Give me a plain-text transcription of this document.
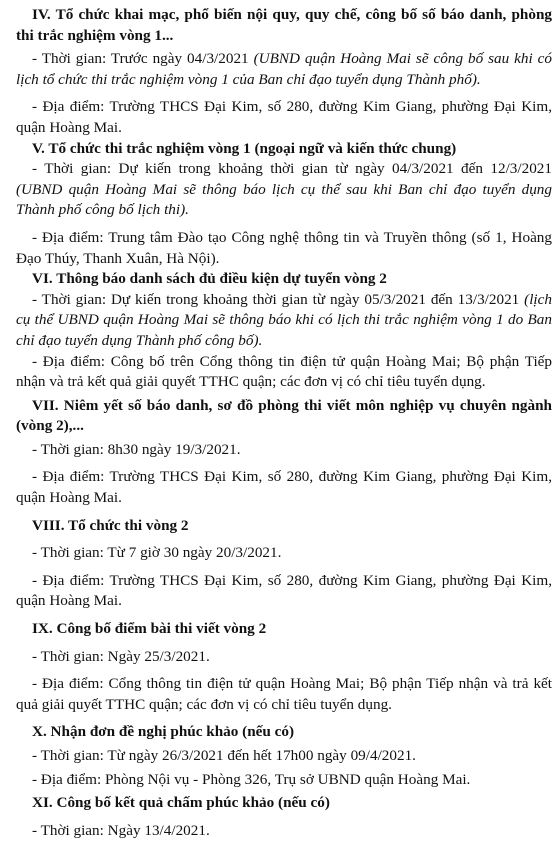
IV. Tổ chức khai mạc, phổ biến nội quy, quy chế, công bố số báo danh, phòng thi trắc nghiệm vòng 1...

- Thời gian: Trước ngày 04/3/2021 (UBND quận Hoàng Mai sẽ công bố sau khi có lịch tổ chức thi trắc nghiệm vòng 1 của Ban chỉ đạo tuyển dụng Thành phố).

- Địa điểm: Trường THCS Đại Kim, số 280, đường Kim Giang, phường Đại Kim, quận Hoàng Mai.

V. Tổ chức thi trắc nghiệm vòng 1 (ngoại ngữ và kiến thức chung)

- Thời gian: Dự kiến trong khoảng thời gian từ ngày 04/3/2021 đến 12/3/2021 (UBND quận Hoàng Mai sẽ thông báo lịch cụ thể sau khi Ban chỉ đạo tuyển dụng Thành phố công bố lịch thi).

- Địa điểm: Trung tâm Đào tạo Công nghệ thông tin và Truyền thông (số 1, Hoàng Đạo Thúy, Thanh Xuân, Hà Nội).

VI. Thông báo danh sách đủ điều kiện dự tuyển vòng 2

- Thời gian: Dự kiến trong khoảng thời gian từ ngày 05/3/2021 đến 13/3/2021 (lịch cụ thể UBND quận Hoàng Mai sẽ thông báo khi có lịch thi trắc nghiệm vòng 1 do Ban chỉ đạo tuyển dụng Thành phố công bố).

- Địa điểm: Công bố trên Cổng thông tin điện tử quận Hoàng Mai; Bộ phận Tiếp nhận và trả kết quả giải quyết TTHC quận; các đơn vị có chỉ tiêu tuyển dụng.

VII. Niêm yết số báo danh, sơ đồ phòng thi viết môn nghiệp vụ chuyên ngành (vòng 2),...

- Thời gian: 8h30 ngày 19/3/2021.

- Địa điểm: Trường THCS Đại Kim, số 280, đường Kim Giang, phường Đại Kim, quận Hoàng Mai.

VIII. Tổ chức thi vòng 2

- Thời gian: Từ 7 giờ 30 ngày 20/3/2021.

- Địa điểm: Trường THCS Đại Kim, số 280, đường Kim Giang, phường Đại Kim, quận Hoàng Mai.

IX. Công bố điểm bài thi viết vòng 2

- Thời gian: Ngày 25/3/2021.

- Địa điểm: Cổng thông tin điện tử quận Hoàng Mai; Bộ phận Tiếp nhận và trả kết quả giải quyết TTHC quận; các đơn vị có chỉ tiêu tuyển dụng.

X. Nhận đơn đề nghị phúc khảo (nếu có)

- Thời gian: Từ ngày 26/3/2021 đến hết 17h00 ngày 09/4/2021.

- Địa điểm: Phòng Nội vụ - Phòng 326, Trụ sở UBND quận Hoàng Mai.

XI. Công bố kết quả chấm phúc khảo (nếu có)

- Thời gian: Ngày 13/4/2021.
